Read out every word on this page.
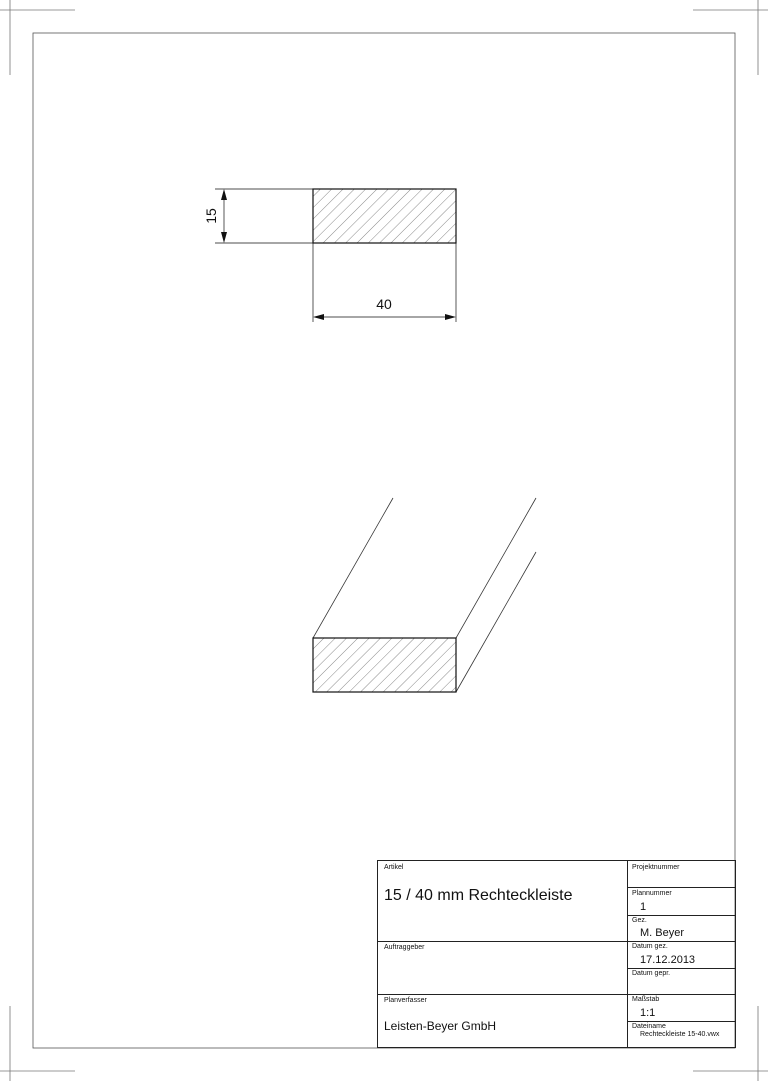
15
40
Artikel
15 / 40 mm Rechteckleiste
Auftraggeber
Planverfasser
Leisten-Beyer GmbH
Projektnummer
Plannummer
1
Gez.
M. Beyer
Datum gez.
17.12.2013
Datum gepr.
Maßstab
1:1
Dateiname
Rechteckleiste 15-40.vwx
